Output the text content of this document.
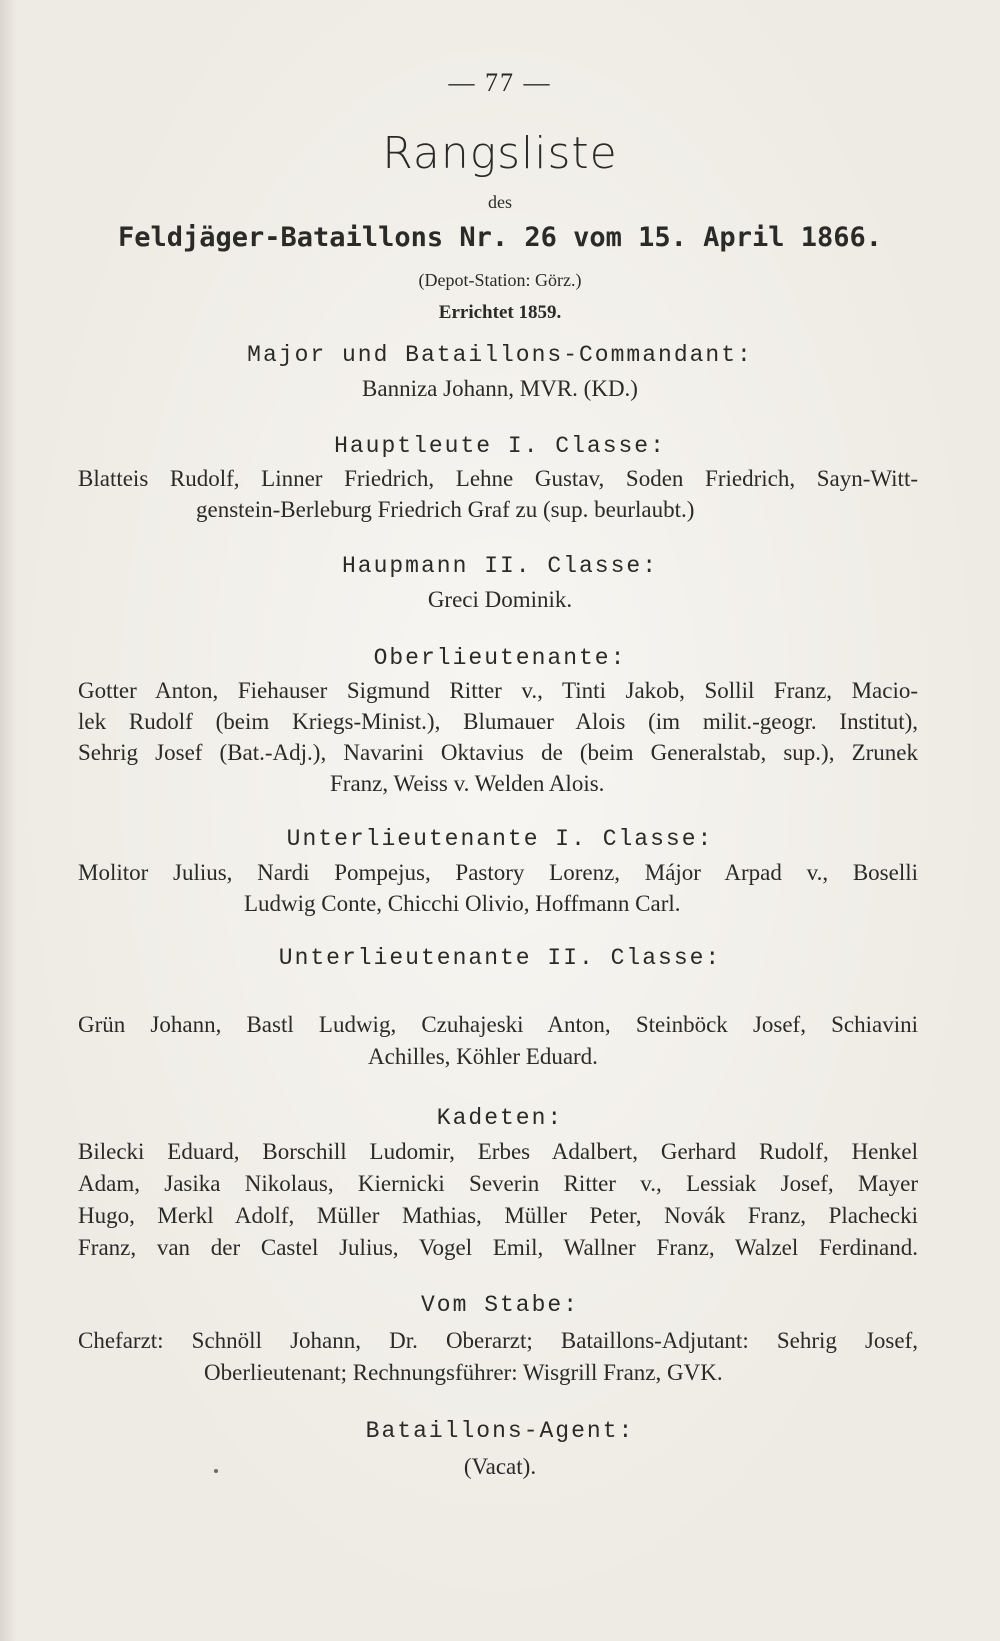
— 77 —
Rangsliste
des
Feldjäger-Bataillons Nr. 26 vom 15. April 1866.
(Depot-Station: Görz.)
Errichtet 1859.
Major und Bataillons-Commandant:
Banniza Johann, MVR. (KD.)
Hauptleute I. Classe:
Blatteis Rudolf, Linner Friedrich, Lehne Gustav, Soden Friedrich, Sayn-Witt-
genstein-Berleburg Friedrich Graf zu (sup. beurlaubt.)
Haupmann II. Classe:
Greci Dominik.
Oberlieutenante:
Gotter Anton, Fiehauser Sigmund Ritter v., Tinti Jakob, Sollil Franz, Macio-
lek Rudolf (beim Kriegs-Minist.), Blumauer Alois (im milit.-geogr. Institut),
Sehrig Josef (Bat.-Adj.), Navarini Oktavius de (beim Generalstab, sup.), Zrunek
Franz, Weiss v. Welden Alois.
Unterlieutenante I. Classe:
Molitor Julius, Nardi Pompejus, Pastory Lorenz, Májor Arpad v., Boselli
Ludwig Conte, Chicchi Olivio, Hoffmann Carl.
Unterlieutenante II. Classe:
Grün Johann, Bastl Ludwig, Czuhajeski Anton, Steinböck Josef, Schiavini
Achilles, Köhler Eduard.
Kadeten:
Bilecki Eduard, Borschill Ludomir, Erbes Adalbert, Gerhard Rudolf, Henkel
Adam, Jasika Nikolaus, Kiernicki Severin Ritter v., Lessiak Josef, Mayer
Hugo, Merkl Adolf, Müller Mathias, Müller Peter, Novák Franz, Plachecki
Franz, van der Castel Julius, Vogel Emil, Wallner Franz, Walzel Ferdinand.
Vom Stabe:
Chefarzt: Schnöll Johann, Dr. Oberarzt; Bataillons-Adjutant: Sehrig Josef,
Oberlieutenant; Rechnungsführer: Wisgrill Franz, GVK.
Bataillons-Agent:
(Vacat).
